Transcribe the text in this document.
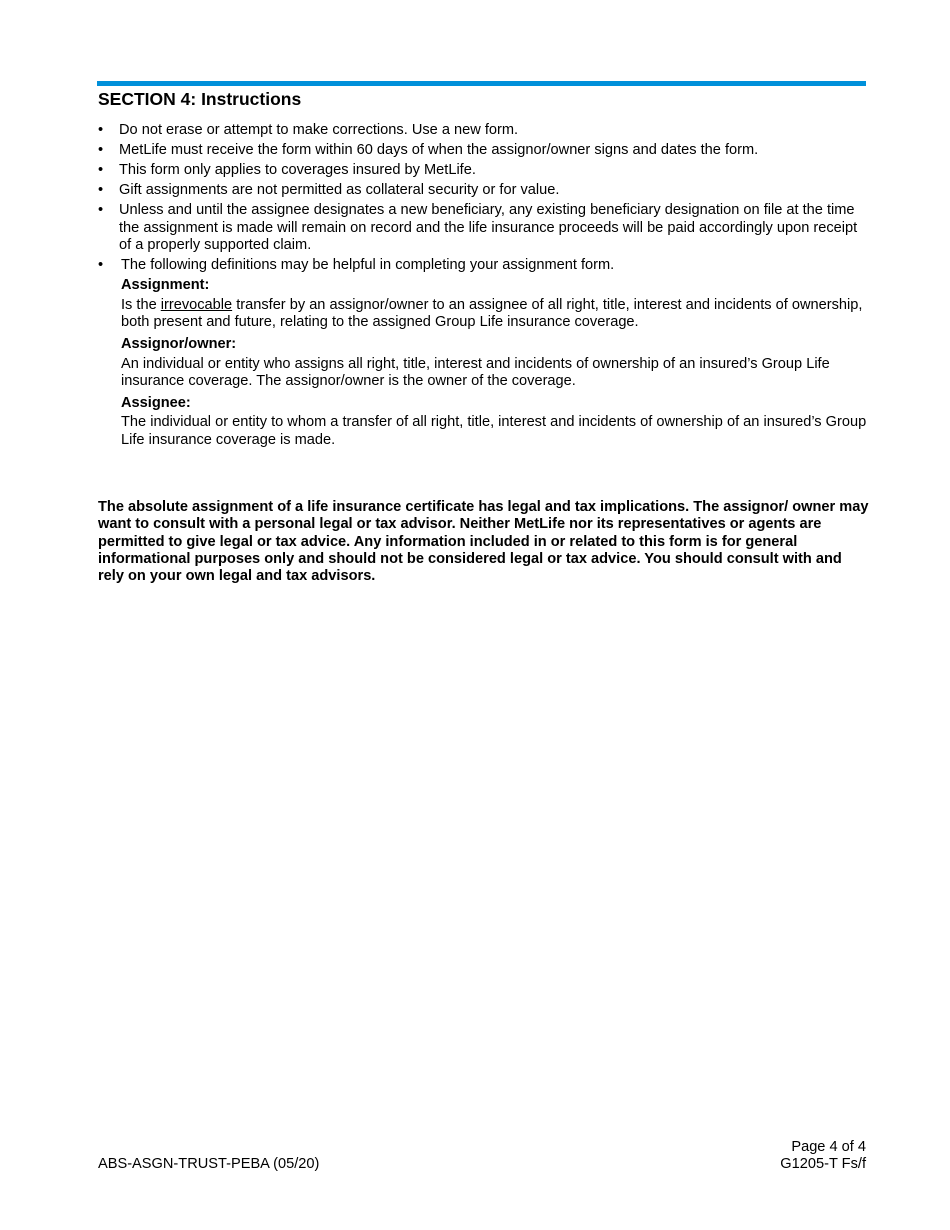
SECTION 4: Instructions
• Do not erase or attempt to make corrections. Use a new form.
• MetLife must receive the form within 60 days of when the assignor/owner signs and dates the form.
• This form only applies to coverages insured by MetLife.
• Gift assignments are not permitted as collateral security or for value.
• Unless and until the assignee designates a new beneficiary, any existing beneficiary designation on file at the time the assignment is made will remain on record and the life insurance proceeds will be paid accordingly upon receipt of a properly supported claim.
• The following definitions may be helpful in completing your assignment form.
Assignment:
Is the irrevocable transfer by an assignor/owner to an assignee of all right, title, interest and incidents of ownership, both present and future, relating to the assigned Group Life insurance coverage.
Assignor/owner:
An individual or entity who assigns all right, title, interest and incidents of ownership of an insured’s Group Life insurance coverage. The assignor/owner is the owner of the coverage.
Assignee:
The individual or entity to whom a transfer of all right, title, interest and incidents of ownership of an insured’s Group Life insurance coverage is made.

The absolute assignment of a life insurance certificate has legal and tax implications. The assignor/ owner may want to consult with a personal legal or tax advisor. Neither MetLife nor its representatives or agents are permitted to give legal or tax advice. Any information included in or related to this form is for general informational purposes only and should not be considered legal or tax advice. You should consult with and rely on your own legal and tax advisors.

ABS-ASGN-TRUST-PEBA (05/20)
Page 4 of 4
G1205-T Fs/f
